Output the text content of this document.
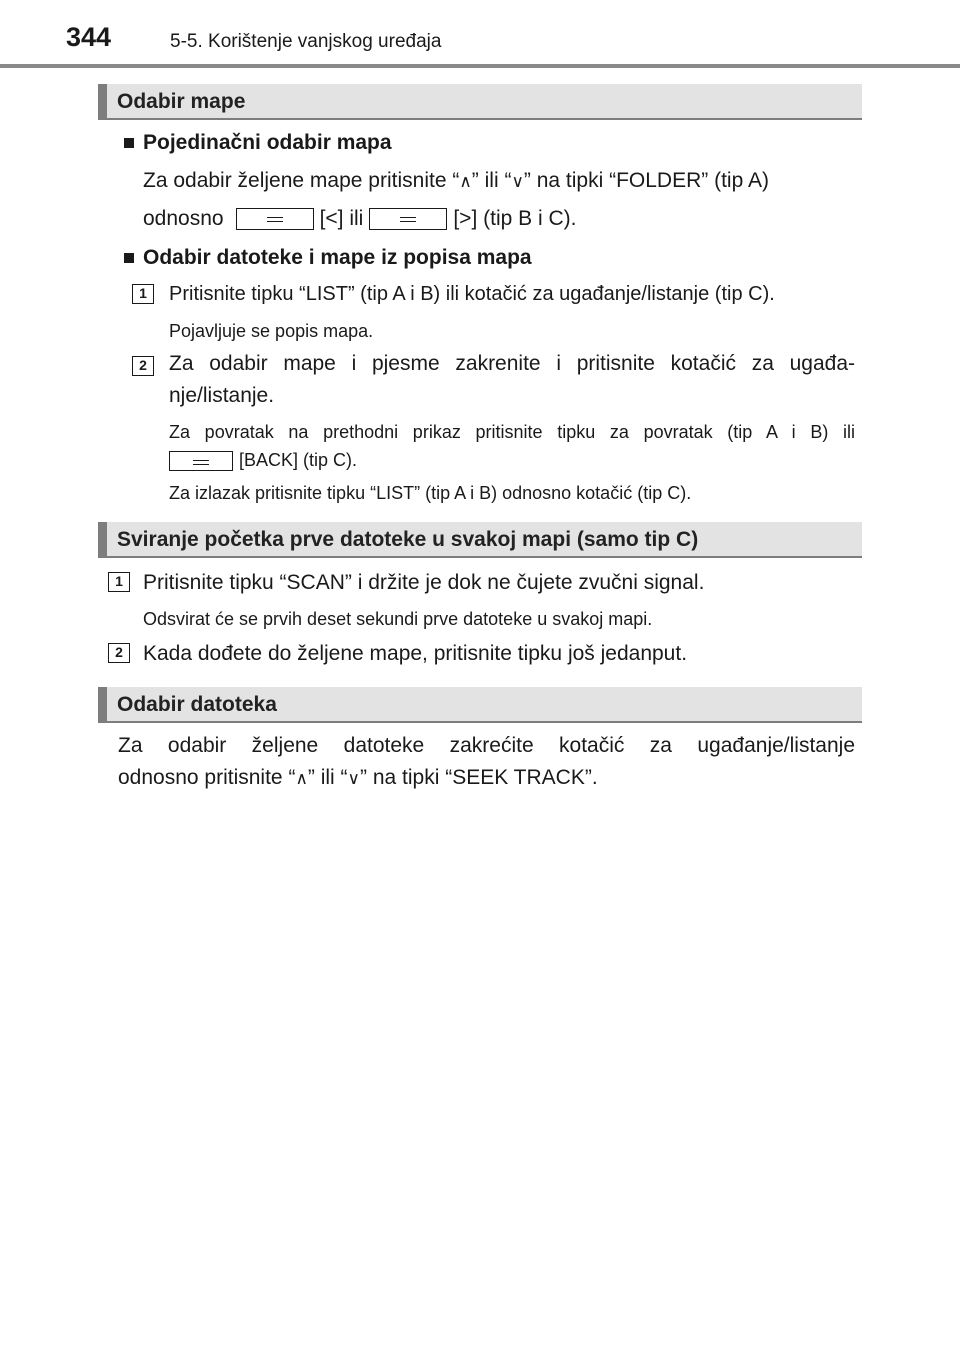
344	5-5. Korištenje vanjskog uređaja
Odabir mape
Pojedinačni odabir mapa
Za odabir željene mape pritisnite “∧” ili “∨” na tipki “FOLDER” (tip A)
odnosno	[<] ili	[>] (tip B i C).
Odabir datoteke i mape iz popisa mapa
1	Pritisnite tipku “LIST” (tip A i B) ili kotačić za ugađanje/listanje (tip C).
Pojavljuje se popis mapa.
2	Za odabir mape i pjesme zakrenite i pritisnite kotačić za ugađa-
nje/listanje.
Za povratak na prethodni prikaz pritisnite tipku za povratak (tip A i B) ili
[BACK] (tip C).
Za izlazak pritisnite tipku “LIST” (tip A i B) odnosno kotačić (tip C).
Sviranje početka prve datoteke u svakoj mapi (samo tip C)
1 Pritisnite tipku “SCAN” i držite je dok ne čujete zvučni signal.
Odsvirat će se prvih deset sekundi prve datoteke u svakoj mapi.
2 Kada dođete do željene mape, pritisnite tipku još jedanput.
Odabir datoteka
Za odabir željene datoteke zakrećite kotačić za ugađanje/listanje
odnosno pritisnite “∧” ili “∨” na tipki “SEEK TRACK”.
